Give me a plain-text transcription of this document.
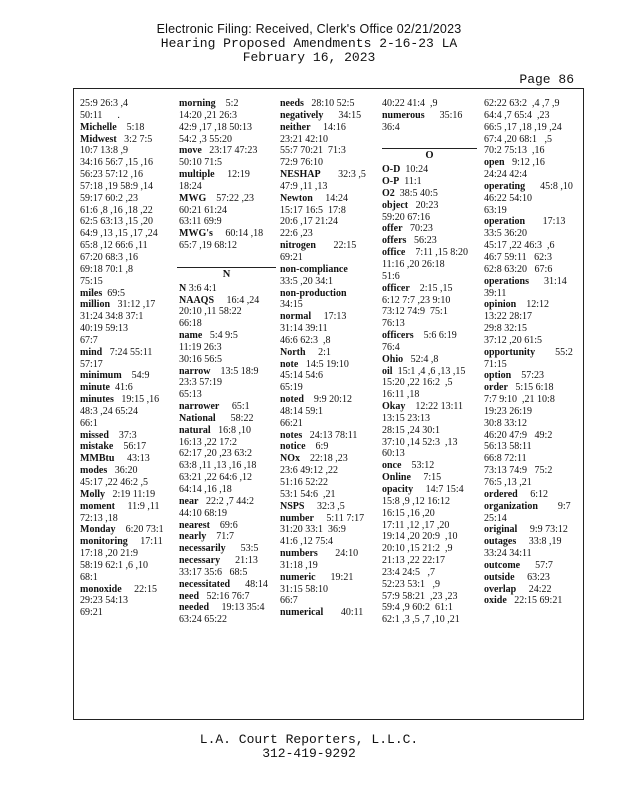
Electronic Filing: Received, Clerk's Office 02/21/2023
Hearing Proposed Amendments 2-16-23 LA
February 16, 2023
Page 86
25:9 26:3 ,4
50:11      .
Michelle    5:18
Midwest   3:2 7:5
10:7 13:8 ,9
34:16 56:7 ,15 ,16
56:23 57:12 ,16
57:18 ,19 58:9 ,14
59:17 60:2 ,23
61:6 ,8 ,16 ,18 ,22
62:5 63:13 ,15 ,20
64:9 ,13 ,15 ,17 ,24
65:8 ,12 66:6 ,11
67:20 68:3 ,16
69:18 70:1 ,8
75:15
miles  69:5
million   31:12 ,17
31:24 34:8 37:1
40:19 59:13
67:7
mind   7:24 55:11
57:17
minimum    54:9
minute  41:6
minutes   19:15 ,16
48:3 ,24 65:24
66:1
missed    37:3
mistake    56:17
MMBtu     43:13
modes   36:20
45:17 ,22 46:2 ,5
Molly   2:19 11:19
moment     11:9 ,11
72:13 ,18
Monday    6:20 73:1
monitoring     17:11
17:18 ,20 21:9
58:19 62:1 ,6 ,10
68:1
monoxide     22:15
29:23 54:13
69:21
morning    5:2
14:20 ,21 26:3
42:9 ,17 ,18 50:13
54:2 ,3 55:20
move   23:17 47:23
50:10 71:5
multiple     12:19
18:24
MWG    57:22 ,23
60:21 61:24
63:11 69:9
MWG's     60:14 ,18
65:7 ,19 68:12

N
N 3:6 4:1
NAAQS     16:4 ,24
20:10 ,11 58:22
66:18
name   5:4 9:5
11:19 26:3
30:16 56:5
narrow    13:5 18:9
23:3 57:19
65:13
narrower     65:1
National      58:22
natural   16:8 ,10
16:13 ,22 17:2
62:17 ,20 ,23 63:2
63:8 ,11 ,13 ,16 ,18
63:21 ,22 64:6 ,12
64:14 ,16 ,18
near   22:2 ,7 44:2
44:10 68:19
nearest    69:6
nearly    71:7
necessarily      53:5
necessary      21:13
33:17 35:6   68:5
necessitated      48:14
need   52:16 76:7
needed     19:13 35:4
63:24 65:22
needs   28:10 52:5
negatively      34:15
neither     14:16
23:21 42:10
55:7 70:21  71:3
72:9 76:10
NESHAP       32:3 ,5
47:9 ,11 ,13
Newton     14:24
15:17 16:5  17:8
20:6 ,17 21:24
22:6 ,23
nitrogen       22:15
69:21
non-compliance
33:5 ,20 34:1
non-production
34:15
normal     17:13
31:14 39:11
46:6 62:3  ,8
North     2:1
note   14:5 19:10
45:14 54:6
65:19
noted    9:9 20:12
48:14 59:1
66:21
notes   24:13 78:11
notice    6:9
NOx    22:18 ,23
23:6 49:12 ,22
51:16 52:22
53:1 54:6  ,21
NSPS     32:3 ,5
number     5:11 7:17
31:20 33:1  36:9
41:6 ,12 75:4
numbers       24:10
31:18 ,19
numeric      19:21
31:15 58:10
66:7
numerical       40:11
40:22 41:4  ,9
numerous      35:16
36:4

O
O-D  10:24
O-P  11:1
O2  38:5 40:5
object   20:23
59:20 67:16
offer   70:23
offers   56:23
office    7:11 ,15 8:20
11:16 ,20 26:18
51:6
officer    2:15 ,15
6:12 7:7 ,23 9:10
73:12 74:9  75:1
76:13
officers    5:6 6:19
76:4
Ohio   52:4 ,8
oil  15:1 ,4 ,6 ,13 ,15
15:20 ,22 16:2  ,5
16:11 ,18
Okay    12:22 13:11
13:15 23:13
28:15 ,24 30:1
37:10 ,14 52:3  ,13
60:13
once    53:12
Online     7:15
opacity     14:7 15:4
15:8 ,9 ,12 16:12
16:15 ,16 ,20
17:11 ,12 ,17 ,20
19:14 ,20 20:9  ,10
20:10 ,15 21:2  ,9
21:13 ,22 22:17
23:4 24:5   ,7
52:23 53:1   ,9
57:9 58:21  ,23 ,23
59:4 ,9 60:2  61:1
62:1 ,3 ,5 ,7 ,10 ,21
62:22 63:2  ,4 ,7 ,9
64:4 ,7 65:4  ,23
66:5 ,17 ,18 ,19 ,24
67:4 ,20 68:1   ,5
70:2 75:13  ,16
open   9:12 ,16
24:24 42:4
operating      45:8 ,10
46:22 54:10
63:19
operation       17:13
33:5 36:20
45:17 ,22 46:3  ,6
46:7 59:11   62:3
62:8 63:20   67:6
operations      31:14
39:11
opinion    12:12
13:22 28:17
29:8 32:15
37:12 ,20 61:5
opportunity        55:2
71:15
option    57:23
order   5:15 6:18
7:7 9:10  ,21 10:8
19:23 26:19
30:8 33:12
46:20 47:9   49:2
56:13 58:11
66:8 72:11
73:13 74:9   75:2
76:5 ,13 ,21
ordered     6:12
organization        9:7
25:14
original     9:9 73:12
outages     33:8 ,19
33:24 34:11
outcome      57:7
outside     63:23
overlap     24:22
oxide   22:15 69:21
L.A. Court Reporters, L.L.C.
312-419-9292
